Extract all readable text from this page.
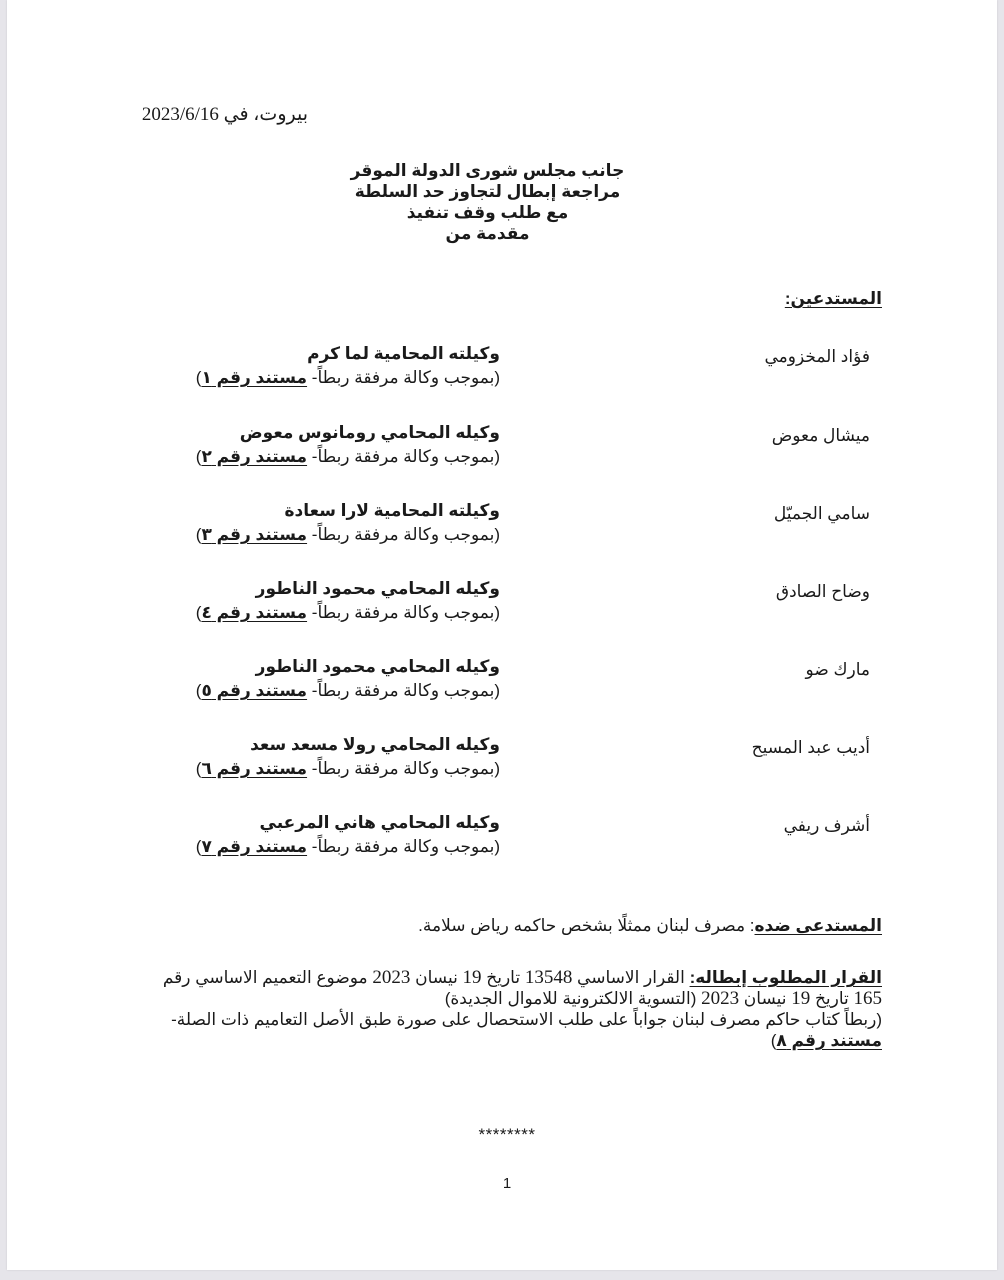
بيروت، في 2023/6/16
جانب مجلس شورى الدولة الموقر
مراجعة إبطال لتجاوز حد السلطة
مع طلب وقف تنفيذ
مقدمة من
المستدعين:
فؤاد المخزومي
وكيلته المحامية لما كرم
(بموجب وكالة مرفقة ربطاً- مستند رقم ١)
ميشال معوض
وكيله المحامي رومانوس معوض
(بموجب وكالة مرفقة ربطاً- مستند رقم ٢)
سامي الجميّل
وكيلته المحامية لارا سعادة
(بموجب وكالة مرفقة ربطاً- مستند رقم ٣)
وضاح الصادق
وكيله المحامي محمود الناطور
(بموجب وكالة مرفقة ربطاً- مستند رقم ٤)
مارك ضو
وكيله المحامي محمود الناطور
(بموجب وكالة مرفقة ربطاً- مستند رقم ٥)
أديب عبد المسيح
وكيله المحامي رولا مسعد سعد
(بموجب وكالة مرفقة ربطاً- مستند رقم ٦)
أشرف ريفي
وكيله المحامي هاني المرعبي
(بموجب وكالة مرفقة ربطاً- مستند رقم ٧)
المستدعى ضده: مصرف لبنان ممثلًا بشخص حاكمه رياض سلامة.
القرار المطلوب إبطاله: القرار الاساسي 13548 تاريخ 19 نيسان 2023 موضوع التعميم الاساسي رقم 165 تاريخ 19 نيسان 2023 (التسوية الالكترونية للاموال الجديدة)
(ربطاً كتاب حاكم مصرف لبنان جواباً على طلب الاستحصال على صورة طبق الأصل التعاميم ذات الصلة- مستند رقم ٨)
********
1
